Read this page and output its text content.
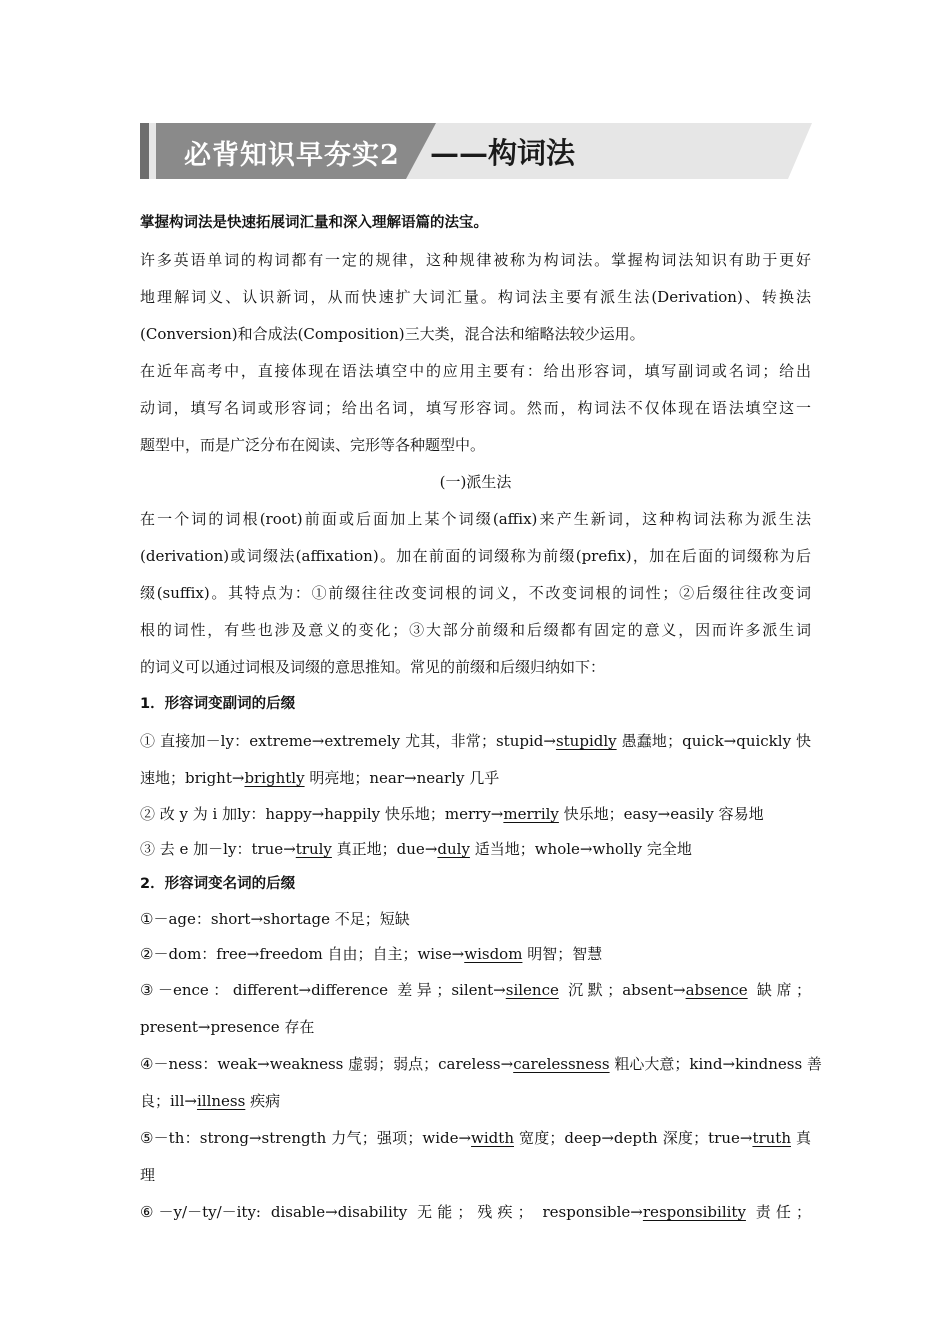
必背知识早夯实2 ——构词法
掌握构词法是快速拓展词汇量和深入理解语篇的法宝。
许多英语单词的构词都有一定的规律，这种规律被称为构词法。掌握构词法知识有助于更好
地理解词义、认识新词，从而快速扩大词汇量。构词法主要有派生法(Derivation)、转换法
(Conversion)和合成法(Composition)三大类，混合法和缩略法较少运用。
在近年高考中，直接体现在语法填空中的应用主要有：给出形容词，填写副词或名词；给出
动词，填写名词或形容词；给出名词，填写形容词。然而，构词法不仅体现在语法填空这一
题型中，而是广泛分布在阅读、完形等各种题型中。
(一)派生法
在一个词的词根(root)前面或后面加上某个词缀(affix)来产生新词，这种构词法称为派生法
(derivation)或词缀法(affixation)。加在前面的词缀称为前缀(prefix)，加在后面的词缀称为后
缀(suffix)。其特点为：①前缀往往改变词根的词义，不改变词根的词性；②后缀往往改变词
根的词性，有些也涉及意义的变化；③大部分前缀和后缀都有固定的意义，因而许多派生词
的词义可以通过词根及词缀的意思推知。常见的前缀和后缀归纳如下：
1．形容词变副词的后缀
① 直接加－ly：extreme→extremely 尤其，非常；stupid→stupidly 愚蠢地；quick→quickly 快
速地；bright→brightly 明亮地；near→nearly 几乎
② 改 y 为 i 加ly：happy→happily 快乐地；merry→merrily 快乐地；easy→easily 容易地
③ 去 e 加－ly：true→truly 真正地；due→duly 适当地；whole→wholly 完全地
2．形容词变名词的后缀
①－age：short→shortage 不足；短缺
②－dom：free→freedom 自由；自主；wise→wisdom 明智；智慧
③－ence：different→difference 差异；silent→silence 沉默；absent→absence 缺席；
present→presence 存在
④－ness：weak→weakness 虚弱；弱点；careless→carelessness 粗心大意；kind→kindness 善
良；ill→illness 疾病
⑤－th：strong→strength 力气；强项；wide→width 宽度；deep→depth 深度；true→truth 真
理
⑥－y/－ty/－ity: disable→disability 无能；残疾； responsible→responsibility 责任；
